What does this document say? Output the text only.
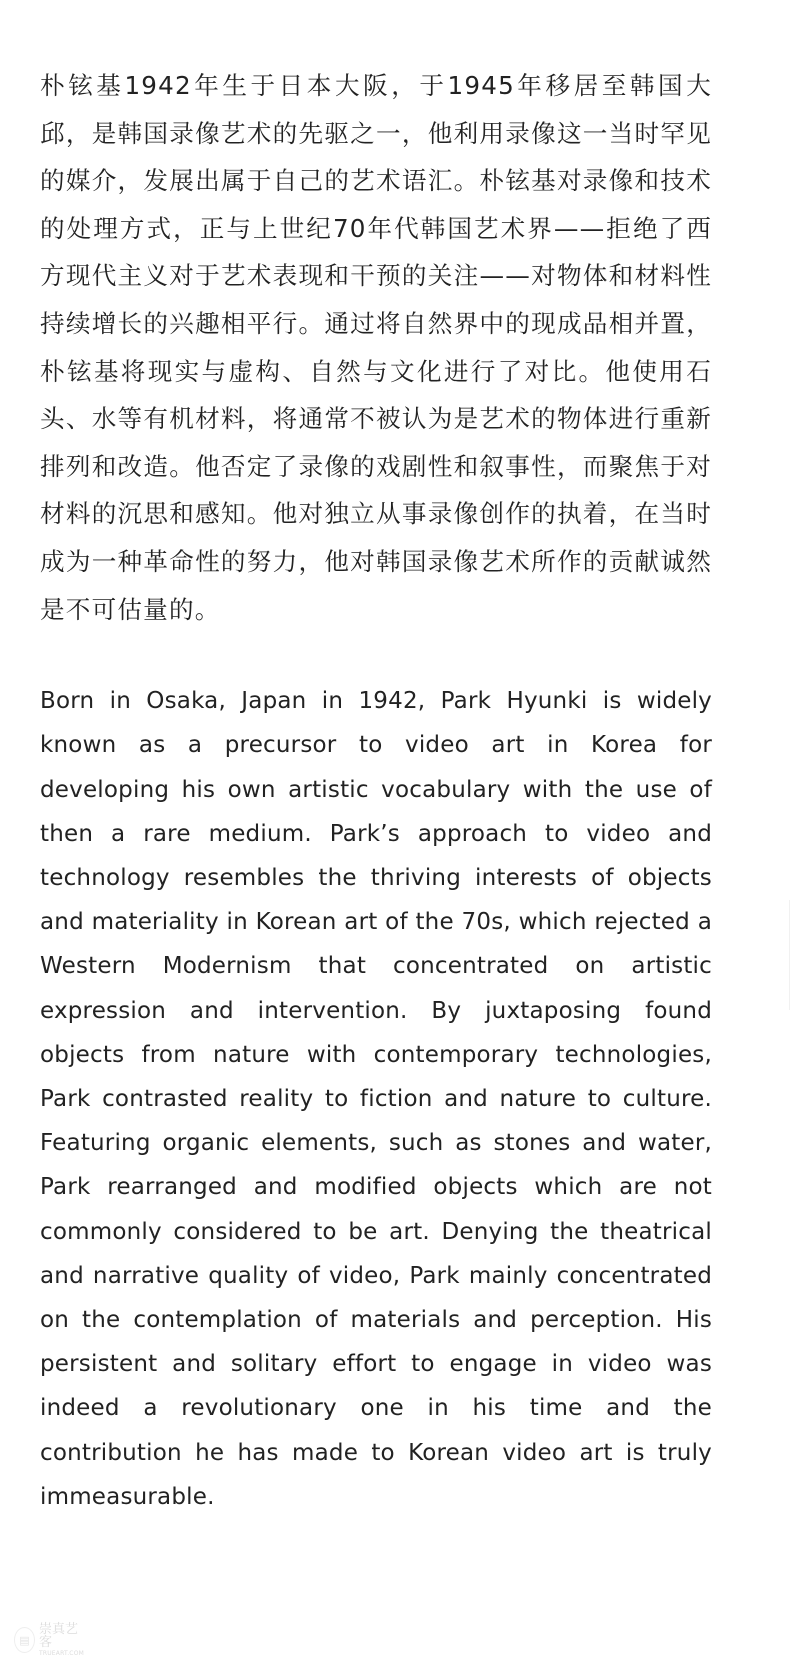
朴铉基1942年生于日本大阪，于1945年移居至韩国大邱，是韩国录像艺术的先驱之一，他利用录像这一当时罕见的媒介，发展出属于自己的艺术语汇。朴铉基对录像和技术的处理方式，正与上世纪70年代韩国艺术界——拒绝了西方现代主义对于艺术表现和干预的关注——对物体和材料性持续增长的兴趣相平行。通过将自然界中的现成品相并置，朴铉基将现实与虚构、自然与文化进行了对比。他使用石头、水等有机材料，将通常不被认为是艺术的物体进行重新排列和改造。他否定了录像的戏剧性和叙事性，而聚焦于对材料的沉思和感知。他对独立从事录像创作的执着，在当时成为一种革命性的努力，他对韩国录像艺术所作的贡献诚然是不可估量的。

Born in Osaka, Japan in 1942, Park Hyunki is widely known as a precursor to video art in Korea for developing his own artistic vocabulary with the use of then a rare medium. Park’s approach to video and technology resembles the thriving interests of objects and materiality in Korean art of the 70s, which rejected a Western Modernism that concentrated on artistic expression and intervention. By juxtaposing found objects from nature with contemporary technologies, Park contrasted reality to fiction and nature to culture. Featuring organic elements, such as stones and water, Park rearranged and modified objects which are not commonly considered to be art. Denying the theatrical and narrative quality of video, Park mainly concentrated on the contemplation of materials and perception. His persistent and solitary effort to engage in video was indeed a revolutionary one in his time and the contribution he has made to Korean video art is truly immeasurable.

▤
崇真艺客
TRUEART.COM
